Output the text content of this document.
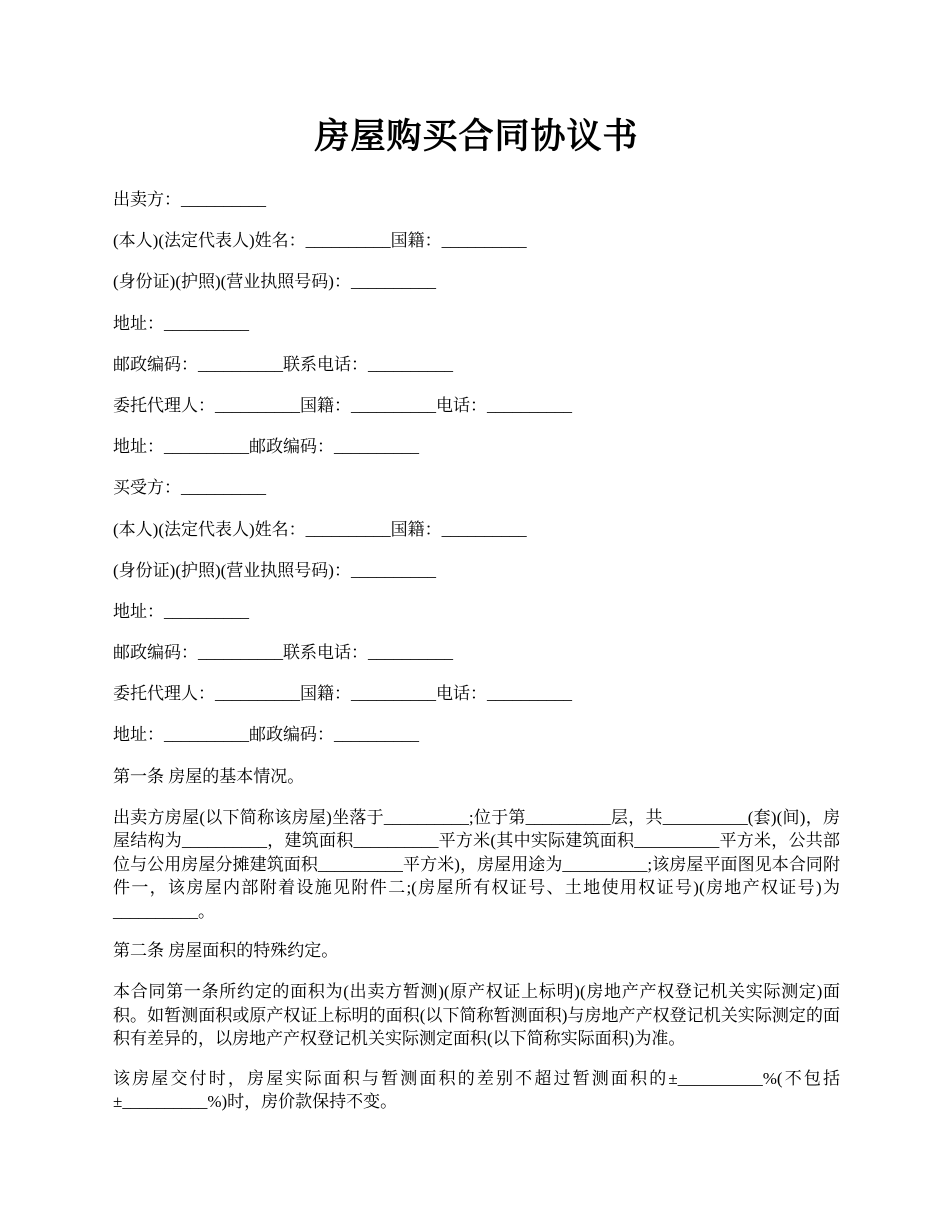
房屋购买合同协议书

出卖方：__________

(本人)(法定代表人)姓名：__________国籍：__________

(身份证)(护照)(营业执照号码)：__________

地址：__________

邮政编码：__________联系电话：__________

委托代理人：__________国籍：__________电话：__________

地址：__________邮政编码：__________

买受方：__________

(本人)(法定代表人)姓名：__________国籍：__________

(身份证)(护照)(营业执照号码)：__________

地址：__________

邮政编码：__________联系电话：__________

委托代理人：__________国籍：__________电话：__________

地址：__________邮政编码：__________

第一条 房屋的基本情况。

出卖方房屋(以下简称该房屋)坐落于__________;位于第__________层，共__________(套)(间)，房屋结构为__________，建筑面积__________平方米(其中实际建筑面积__________平方米，公共部位与公用房屋分摊建筑面积__________平方米)，房屋用途为__________;该房屋平面图见本合同附件一，该房屋内部附着设施见附件二;(房屋所有权证号、土地使用权证号)(房地产权证号)为__________。

第二条 房屋面积的特殊约定。

本合同第一条所约定的面积为(出卖方暂测)(原产权证上标明)(房地产产权登记机关实际测定)面积。如暂测面积或原产权证上标明的面积(以下简称暂测面积)与房地产产权登记机关实际测定的面积有差异的，以房地产产权登记机关实际测定面积(以下简称实际面积)为准。

该房屋交付时，房屋实际面积与暂测面积的差别不超过暂测面积的±__________%(不包括±__________%)时，房价款保持不变。
